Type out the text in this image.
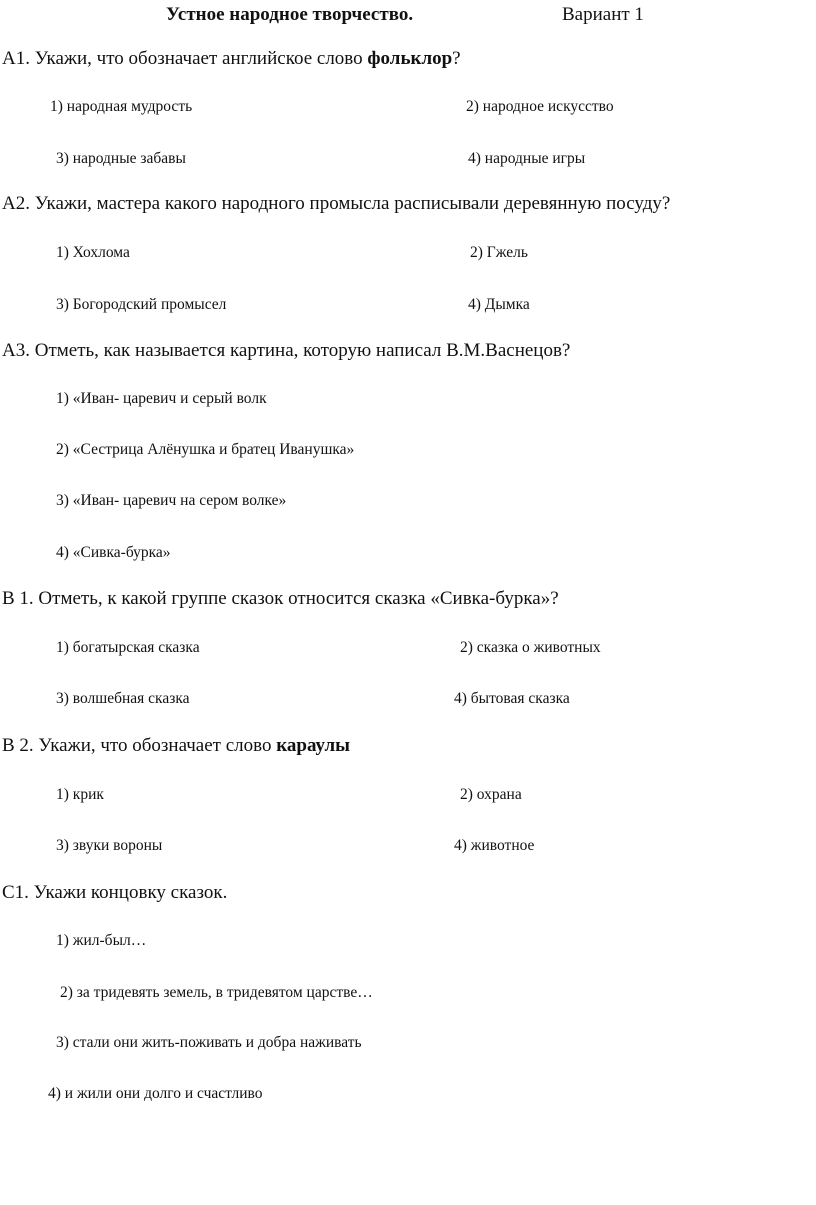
Устное народное творчество.	Вариант 1
А1. Укажи, что обозначает английское слово фольклор?
1) народная мудрость	2) народное искусство
3) народные забавы	4) народные игры
А2. Укажи, мастера какого народного промысла расписывали деревянную посуду?
1) Хохлома	2) Гжель
3) Богородский промысел	4) Дымка
А3. Отметь, как называется картина, которую написал В.М.Васнецов?
1) «Иван- царевич и серый волк
2) «Сестрица Алёнушка и братец Иванушка»
3) «Иван- царевич на сером волке»
4) «Сивка-бурка»
В 1. Отметь, к какой группе сказок относится сказка «Сивка-бурка»?
1) богатырская сказка	2) сказка о животных
3) волшебная сказка	4) бытовая сказка
В 2. Укажи, что обозначает слово караулы
1) крик	2) охрана
3) звуки вороны	4) животное
С1. Укажи концовку сказок.
1) жил-был…
2) за тридевять земель, в тридевятом царстве…
3) стали они жить-поживать и добра наживать
4) и жили они долго и счастливо
